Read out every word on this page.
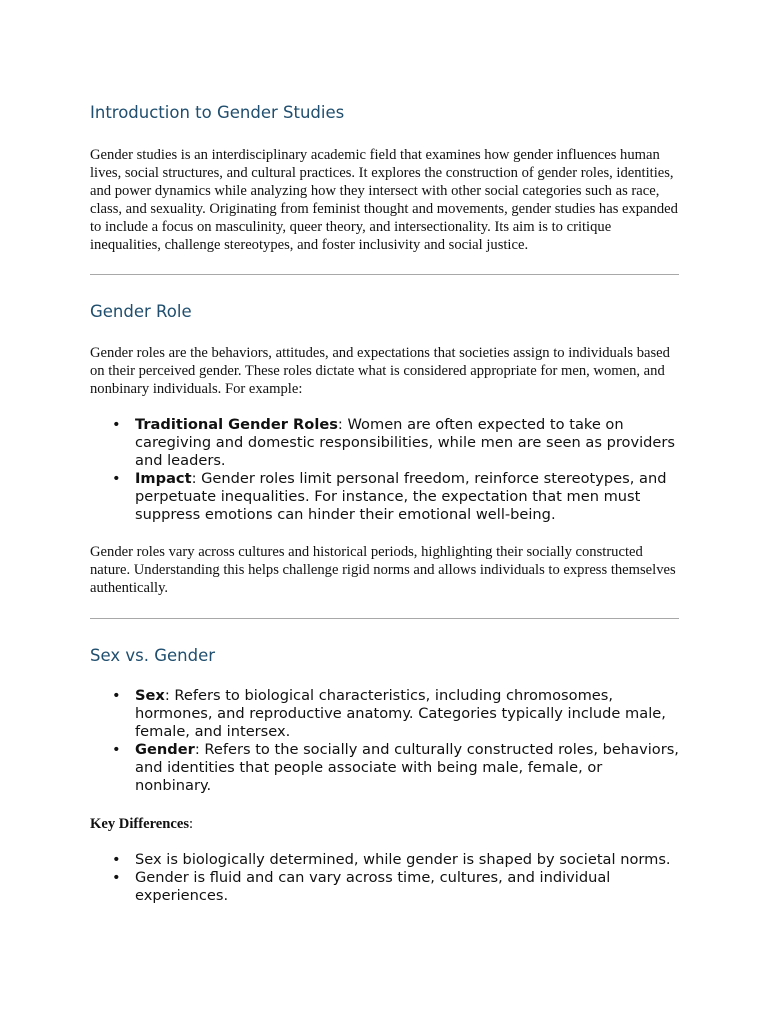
Introduction to Gender Studies

Gender studies is an interdisciplinary academic field that examines how gender influences human lives, social structures, and cultural practices. It explores the construction of gender roles, identities, and power dynamics while analyzing how they intersect with other social categories such as race, class, and sexuality. Originating from feminist thought and movements, gender studies has expanded to include a focus on masculinity, queer theory, and intersectionality. Its aim is to critique inequalities, challenge stereotypes, and foster inclusivity and social justice.

Gender Role

Gender roles are the behaviors, attitudes, and expectations that societies assign to individuals based on their perceived gender. These roles dictate what is considered appropriate for men, women, and nonbinary individuals. For example:

• Traditional Gender Roles: Women are often expected to take on caregiving and domestic responsibilities, while men are seen as providers and leaders.
• Impact: Gender roles limit personal freedom, reinforce stereotypes, and perpetuate inequalities. For instance, the expectation that men must suppress emotions can hinder their emotional well-being.

Gender roles vary across cultures and historical periods, highlighting their socially constructed nature. Understanding this helps challenge rigid norms and allows individuals to express themselves authentically.

Sex vs. Gender
• Sex: Refers to biological characteristics, including chromosomes, hormones, and reproductive anatomy. Categories typically include male, female, and intersex.
• Gender: Refers to the socially and culturally constructed roles, behaviors, and identities that people associate with being male, female, or nonbinary.

Key Differences:

• Sex is biologically determined, while gender is shaped by societal norms.
• Gender is fluid and can vary across time, cultures, and individual experiences.
